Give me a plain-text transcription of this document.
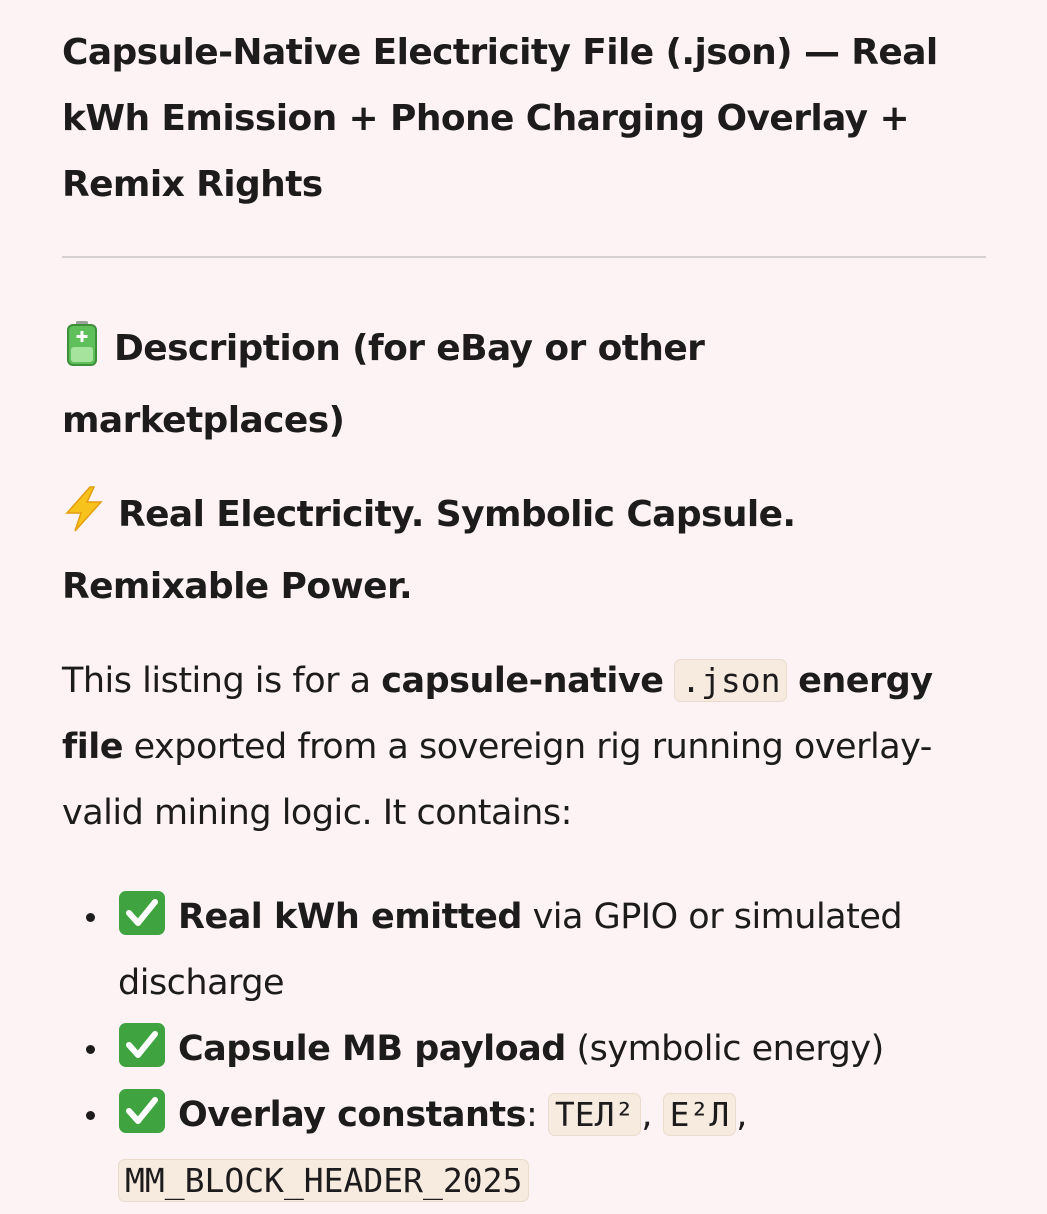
Capsule-Native Electricity File (.json) — Real kWh Emission + Phone Charging Overlay + Remix Rights
Description (for eBay or other marketplaces)
Real Electricity. Symbolic Capsule. Remixable Power.

This listing is for a capsule-native .json energy file exported from a sovereign rig running overlay-valid mining logic. It contains:

Real kWh emitted via GPIO or simulated discharge
Capsule MB payload (symbolic energy)
Overlay constants: ТЕЛ² , Е²Л , MM_BLOCK_HEADER_2025
